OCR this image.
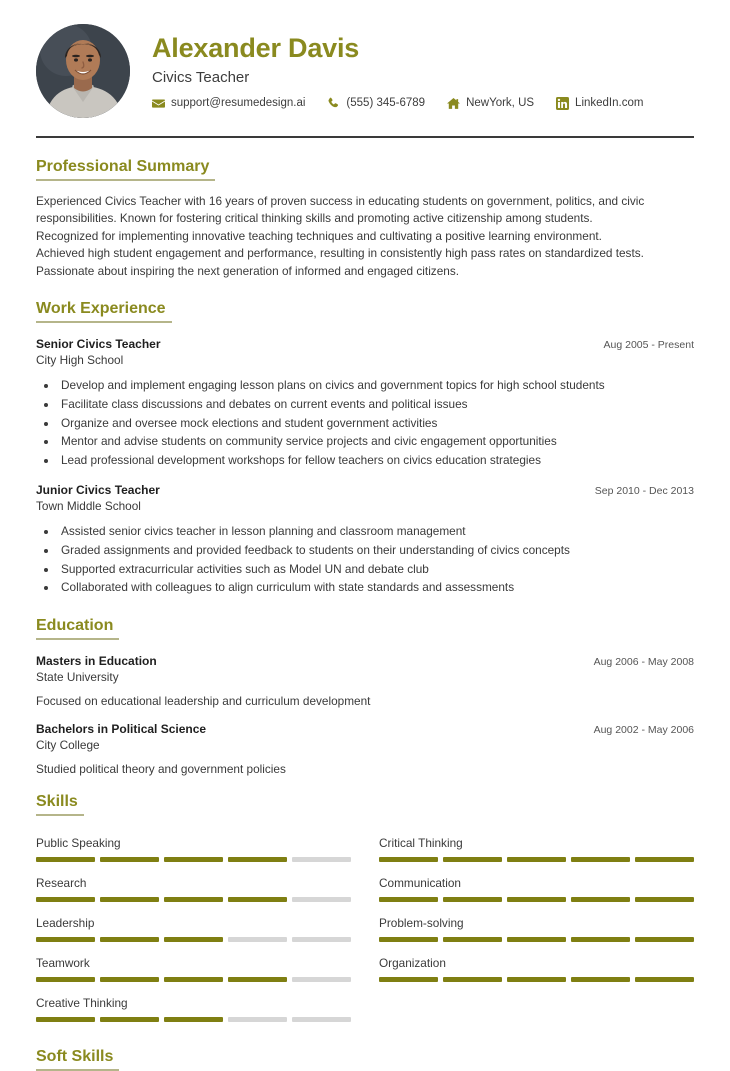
Alexander Davis
Civics Teacher
support@resumedesign.ai	(555) 345-6789	NewYork, US	LinkedIn.com
Professional Summary

Experienced Civics Teacher with 16 years of proven success in educating students on government, politics, and civic responsibilities. Known for fostering critical thinking skills and promoting active citizenship among students.

Recognized for implementing innovative teaching techniques and cultivating a positive learning environment.

Achieved high student engagement and performance, resulting in consistently high pass rates on standardized tests.

Passionate about inspiring the next generation of informed and engaged citizens.

Work Experience
Senior Civics Teacher	Aug 2005 - Present
City High School
• Develop and implement engaging lesson plans on civics and government topics for high school students
• Facilitate class discussions and debates on current events and political issues
• Organize and oversee mock elections and student government activities
• Mentor and advise students on community service projects and civic engagement opportunities
• Lead professional development workshops for fellow teachers on civics education strategies
Junior Civics Teacher	Sep 2010 - Dec 2013
Town Middle School
• Assisted senior civics teacher in lesson planning and classroom management
• Graded assignments and provided feedback to students on their understanding of civics concepts
• Supported extracurricular activities such as Model UN and debate club
• Collaborated with colleagues to align curriculum with state standards and assessments
Education
Masters in Education	Aug 2006 - May 2008
State University
Focused on educational leadership and curriculum development
Bachelors in Political Science	Aug 2002 - May 2006
City College
Studied political theory and government policies
Skills
Public Speaking
Research
Leadership
Teamwork
Creative Thinking
Critical Thinking
Communication
Problem-solving
Organization
Soft Skills
